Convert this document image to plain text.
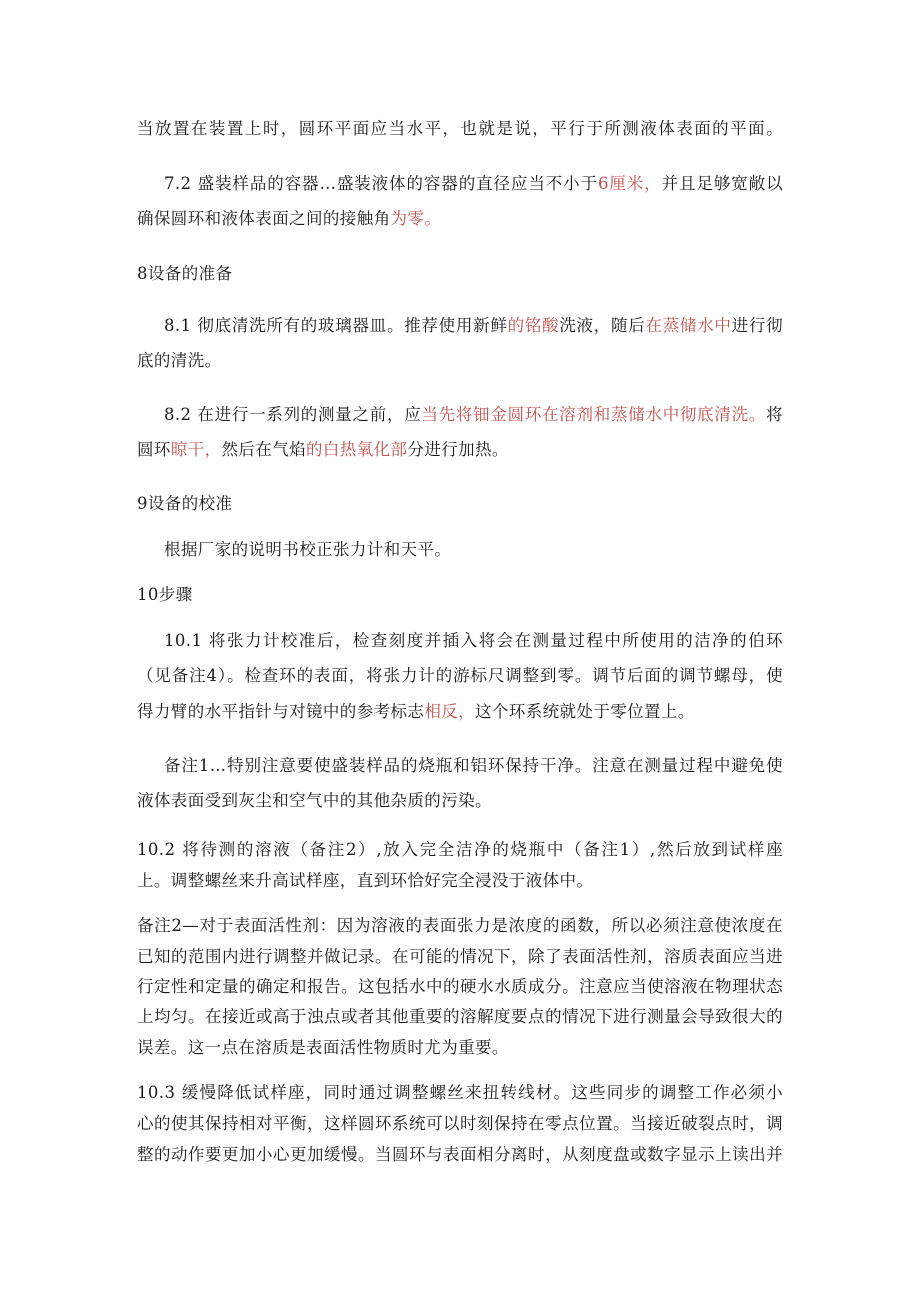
当放置在装置上时，圆环平面应当水平，也就是说，平行于所测液体表面的平面。
7.2 盛装样品的容器…盛装液体的容器的直径应当不小于6厘米，并且足够宽敞以
确保圆环和液体表面之间的接触角为零。
8设备的准备
8.1 彻底清洗所有的玻璃器皿。推荐使用新鲜的铭酸洗液，随后在蒸储水中进行彻
底的清洗。
8.2 在进行一系列的测量之前，应当先将钿金圆环在溶剂和蒸储水中彻底清洗。将
圆环晾干，然后在气焰的白热氧化部分进行加热。
9设备的校准
根据厂家的说明书校正张力计和天平。
10步骤
10.1 将张力计校准后，检查刻度并插入将会在测量过程中所使用的洁净的伯环
（见备注4）。检查环的表面，将张力计的游标尺调整到零。调节后面的调节螺母，使
得力臂的水平指针与对镜中的参考标志相反，这个环系统就处于零位置上。
备注1…特别注意要使盛装样品的烧瓶和铝环保持干净。注意在测量过程中避免使
液体表面受到灰尘和空气中的其他杂质的污染。
10.2 将待测的溶液（备注2）,放入完全洁净的烧瓶中（备注1）,然后放到试样座
上。调整螺丝来升高试样座，直到环恰好完全浸没于液体中。
备注2—对于表面活性剂：因为溶液的表面张力是浓度的函数，所以必须注意使浓度在
已知的范围内进行调整并做记录。在可能的情况下，除了表面活性剂，溶质表面应当进
行定性和定量的确定和报告。这包括水中的硬水水质成分。注意应当使溶液在物理状态
上均匀。在接近或高于浊点或者其他重要的溶解度要点的情况下进行测量会导致很大的
误差。这一点在溶质是表面活性物质时尤为重要。
10.3 缓慢降低试样座，同时通过调整螺丝来扭转线材。这些同步的调整工作必须小
心的使其保持相对平衡，这样圆环系统可以时刻保持在零点位置。当接近破裂点时，调
整的动作要更加小心更加缓慢。当圆环与表面相分离时，从刻度盘或数字显示上读出并
